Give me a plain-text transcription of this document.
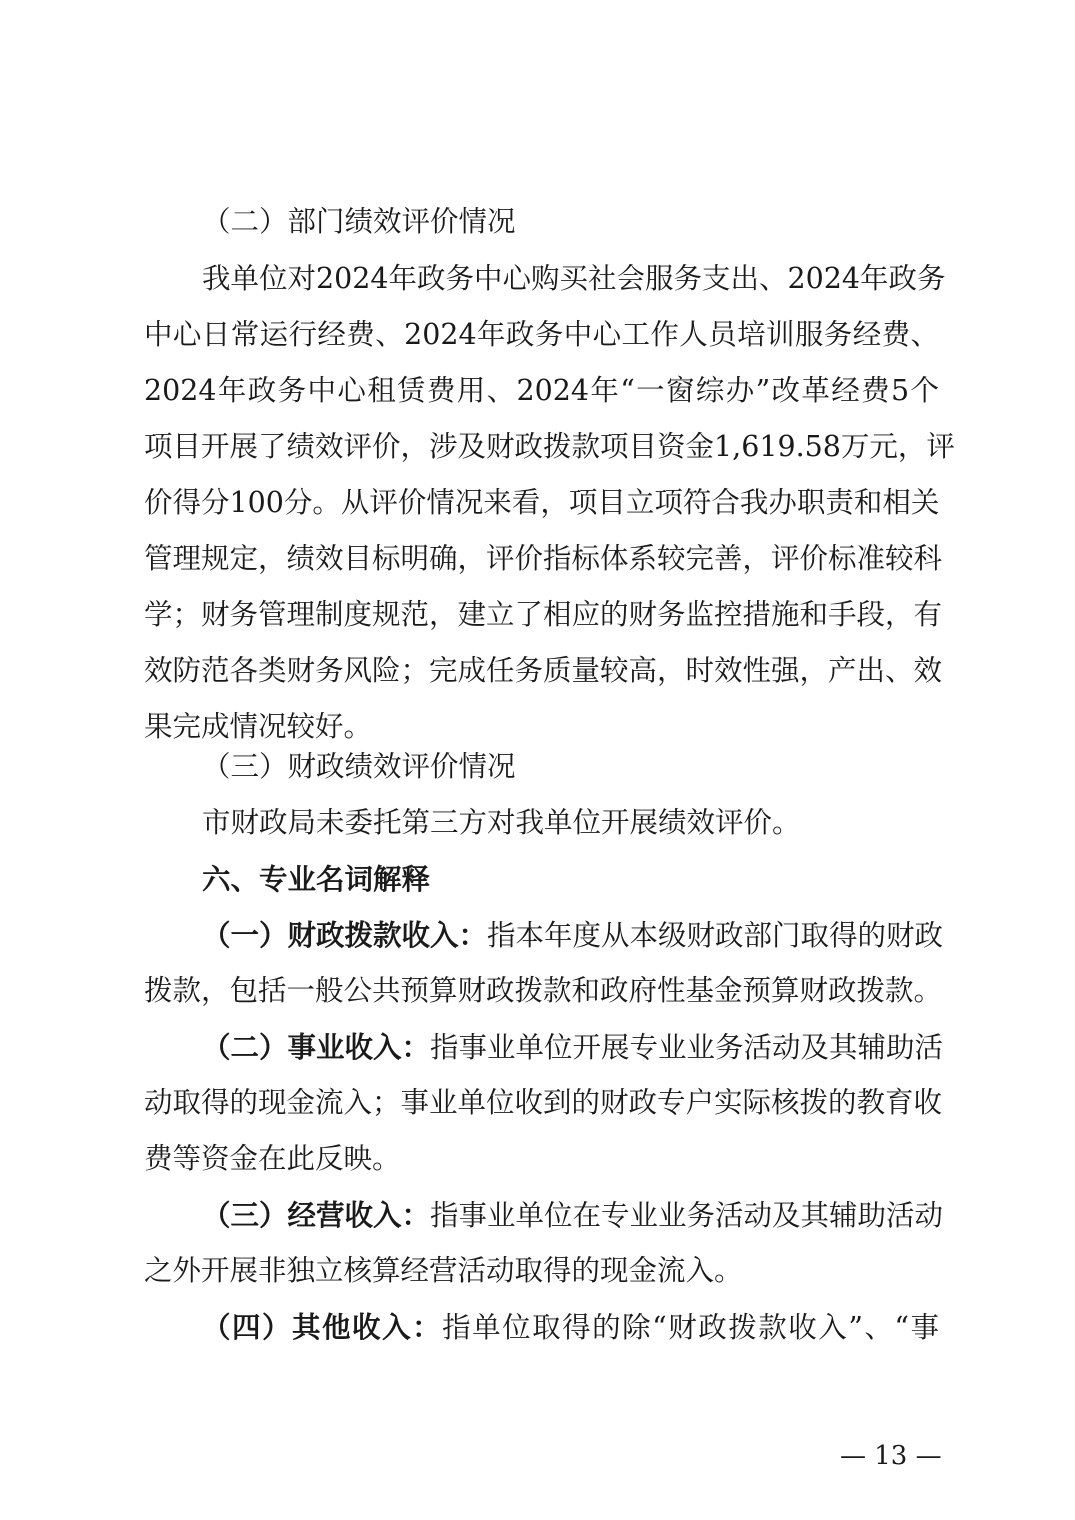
（二）部门绩效评价情况
我单位对2024年政务中心购买社会服务支出、2024年政务
中心日常运行经费、2024年政务中心工作人员培训服务经费、
2024年政务中心租赁费用、2024年“一窗综办”改革经费5个
项目开展了绩效评价，涉及财政拨款项目资金1,619.58万元，评
价得分100分。从评价情况来看，项目立项符合我办职责和相关
管理规定，绩效目标明确，评价指标体系较完善，评价标准较科
学；财务管理制度规范，建立了相应的财务监控措施和手段，有
效防范各类财务风险；完成任务质量较高，时效性强，产出、效
果完成情况较好。
（三）财政绩效评价情况
市财政局未委托第三方对我单位开展绩效评价。
六、专业名词解释
（一）财政拨款收入：指本年度从本级财政部门取得的财政
拨款，包括一般公共预算财政拨款和政府性基金预算财政拨款。
（二）事业收入：指事业单位开展专业业务活动及其辅助活
动取得的现金流入；事业单位收到的财政专户实际核拨的教育收
费等资金在此反映。
（三）经营收入：指事业单位在专业业务活动及其辅助活动
之外开展非独立核算经营活动取得的现金流入。
（四）其他收入：指单位取得的除“财政拨款收入”、“事
— 13 —
